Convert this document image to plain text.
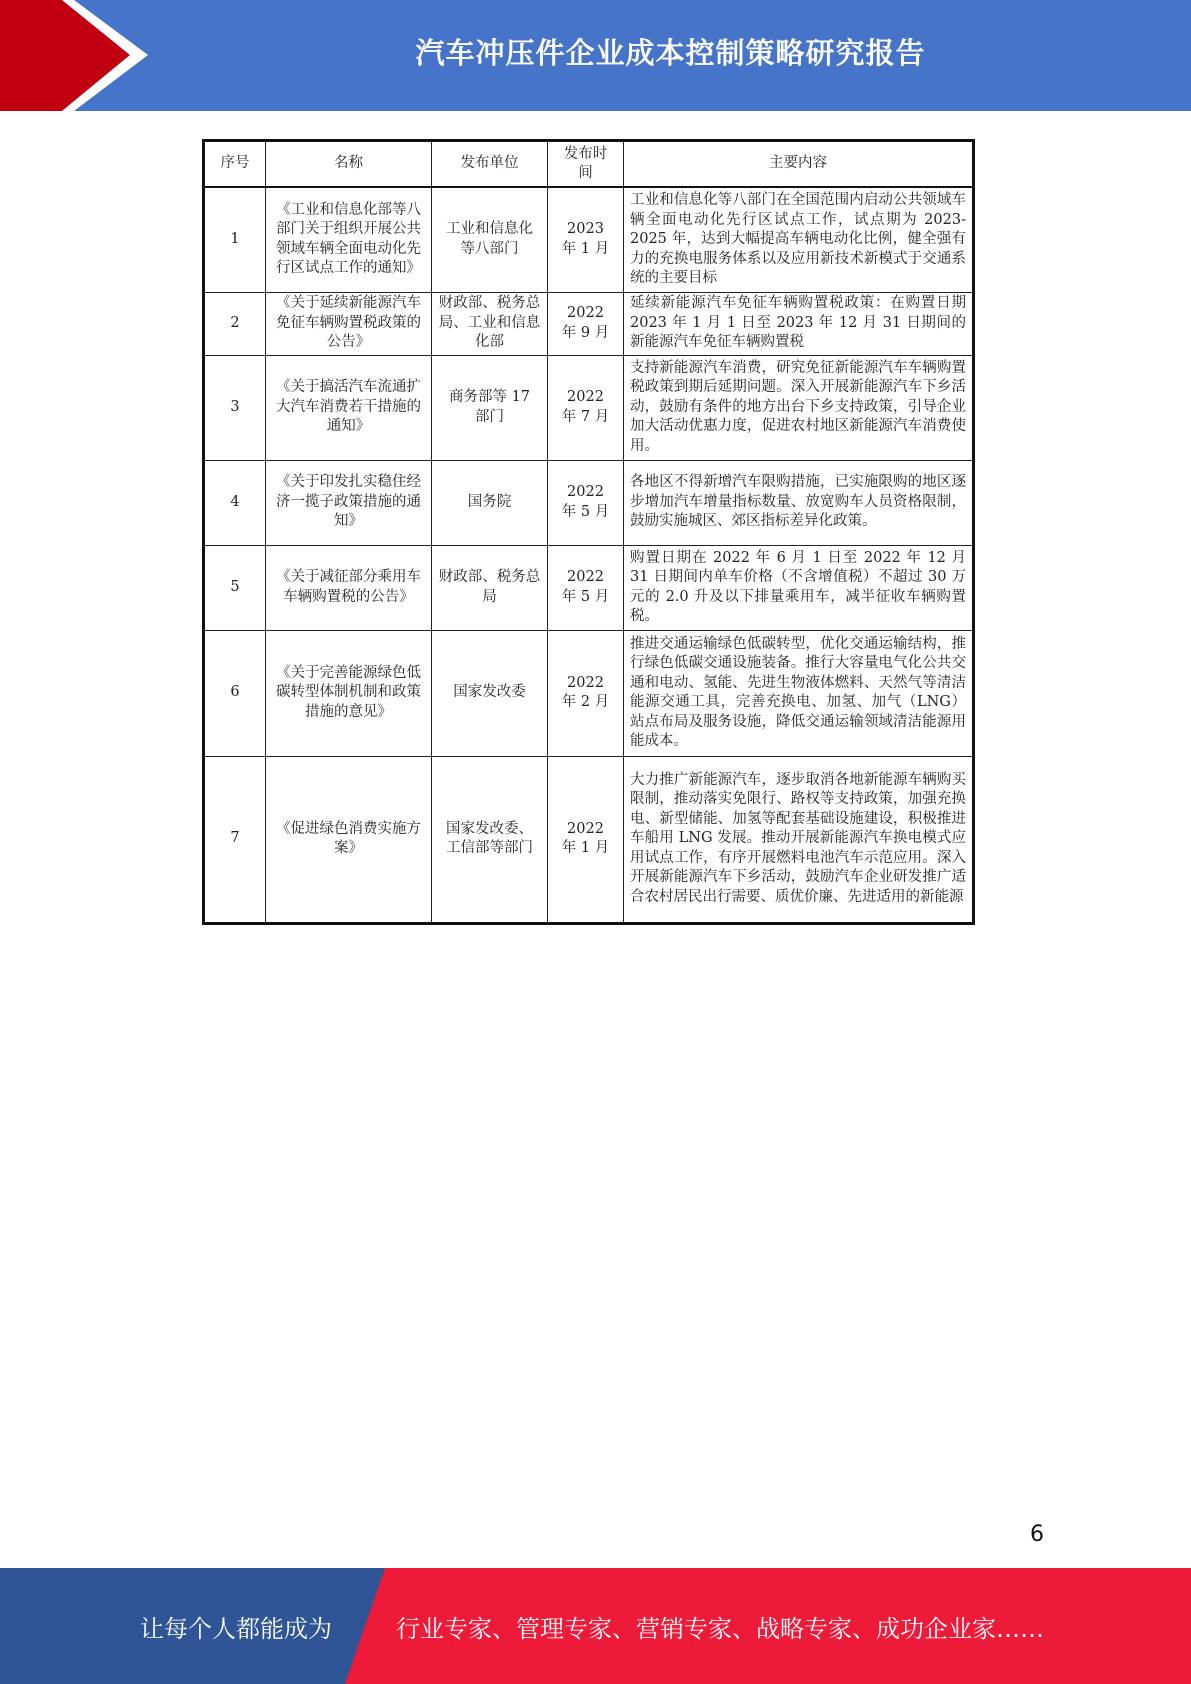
汽车冲压件企业成本控制策略研究报告
序号	名称	发布单位	发布时间	主要内容
1	《工业和信息化部等八部门关于组织开展公共领域车辆全面电动化先行区试点工作的通知》	工业和信息化等八部门	2023 年 1 月	工业和信息化等八部门在全国范围内启动公共领域车辆全面电动化先行区试点工作，试点期为 2023-2025 年，达到大幅提高车辆电动化比例，健全强有力的充换电服务体系以及应用新技术新模式于交通系统的主要目标
2	《关于延续新能源汽车免征车辆购置税政策的公告》	财政部、税务总局、工业和信息化部	2022 年 9 月	延续新能源汽车免征车辆购置税政策：在购置日期 2023 年 1 月 1 日至 2023 年 12 月 31 日期间的新能源汽车免征车辆购置税
3	《关于搞活汽车流通扩大汽车消费若干措施的通知》	商务部等 17 部门	2022 年 7 月	支持新能源汽车消费，研究免征新能源汽车车辆购置税政策到期后延期问题。深入开展新能源汽车下乡活动，鼓励有条件的地方出台下乡支持政策，引导企业加大活动优惠力度，促进农村地区新能源汽车消费使用。
4	《关于印发扎实稳住经济一揽子政策措施的通知》	国务院	2022 年 5 月	各地区不得新增汽车限购措施，已实施限购的地区逐步增加汽车增量指标数量、放宽购车人员资格限制，鼓励实施城区、郊区指标差异化政策。
5	《关于减征部分乘用车车辆购置税的公告》	财政部、税务总局	2022 年 5 月	购置日期在 2022 年 6 月 1 日至 2022 年 12 月 31 日期间内单车价格（不含增值税）不超过 30 万元的 2.0 升及以下排量乘用车，减半征收车辆购置税。
6	《关于完善能源绿色低碳转型体制机制和政策措施的意见》	国家发改委	2022 年 2 月	推进交通运输绿色低碳转型，优化交通运输结构，推行绿色低碳交通设施装备。推行大容量电气化公共交通和电动、氢能、先进生物液体燃料、天然气等清洁能源交通工具，完善充换电、加氢、加气（LNG）站点布局及服务设施，降低交通运输领域清洁能源用能成本。
7	《促进绿色消费实施方案》	国家发改委、工信部等部门	2022 年 1 月	大力推广新能源汽车，逐步取消各地新能源车辆购买限制，推动落实免限行、路权等支持政策，加强充换电、新型储能、加氢等配套基础设施建设，积极推进车船用 LNG 发展。推动开展新能源汽车换电模式应用试点工作，有序开展燃料电池汽车示范应用。深入开展新能源汽车下乡活动，鼓励汽车企业研发推广适合农村居民出行需要、质优价廉、先进适用的新能源
6
让每个人都能成为	行业专家、管理专家、营销专家、战略专家、成功企业家……
